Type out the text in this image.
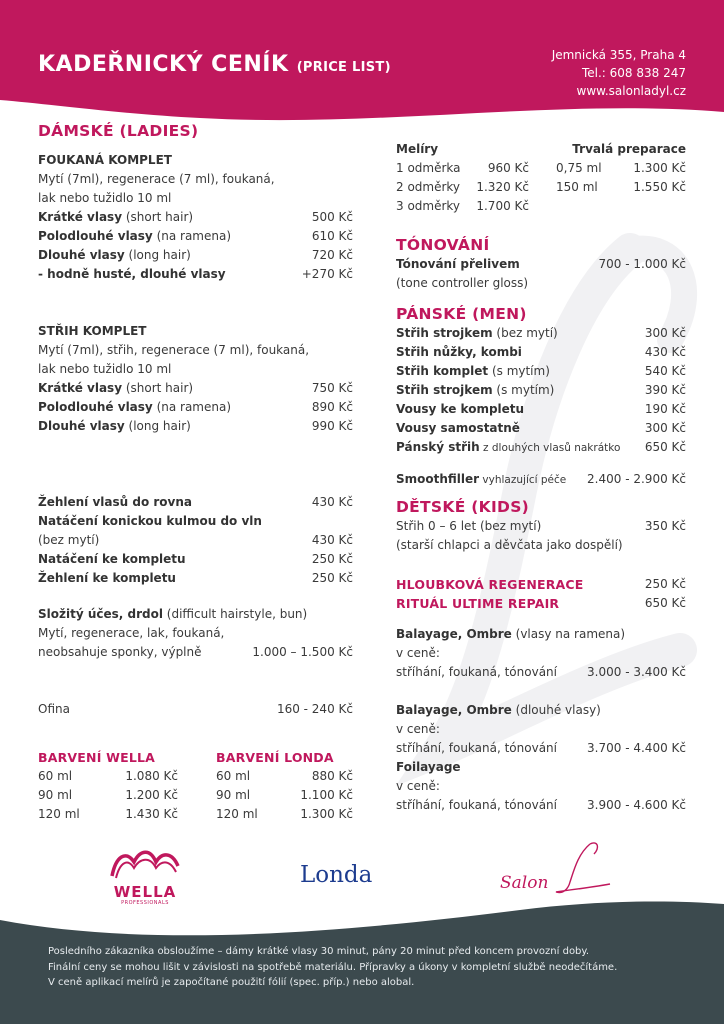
KADEŘNICKÝ CENÍK (PRICE LIST)
Jemnická 355, Praha 4
Tel.: 608 838 247
www.salonladyl.cz
DÁMSKÉ (LADIES)
FOUKANÁ KOMPLET
Mytí (7ml), regenerace (7 ml), foukaná,
lak nebo tužidlo 10 ml
Krátké vlasy (short hair)	500 Kč
Polodlouhé vlasy (na ramena)	610 Kč
Dlouhé vlasy (long hair)	720 Kč
- hodně husté, dlouhé vlasy	+270 Kč
STŘIH KOMPLET
Mytí (7ml), střih, regenerace (7 ml), foukaná,
lak nebo tužidlo 10 ml
Krátké vlasy (short hair)	750 Kč
Polodlouhé vlasy (na ramena)	890 Kč
Dlouhé vlasy (long hair)	990 Kč
Žehlení vlasů do rovna	430 Kč
Natáčení konickou kulmou do vln
(bez mytí)	430 Kč
Natáčení ke kompletu	250 Kč
Žehlení ke kompletu	250 Kč
Složitý účes, drdol (difficult hairstyle, bun)
Mytí, regenerace, lak, foukaná,
neobsahuje sponky, výplně	1.000 – 1.500 Kč
Ofina	160 - 240 Kč
BARVENÍ WELLA
60 ml	1.080 Kč
90 ml	1.200 Kč
120 ml	1.430 Kč
BARVENÍ LONDA
60 ml	880 Kč
90 ml	1.100 Kč
120 ml	1.300 Kč
Melíry	Trvalá preparace
1 odměrka	960 Kč 0,75 ml	1.300 Kč
2 odměrky	1.320 Kč 150 ml	1.550 Kč
3 odměrky	1.700 Kč
TÓNOVÁNÍ
Tónování přelivem	700 - 1.000 Kč
(tone controller gloss)
PÁNSKÉ (MEN)
Střih strojkem (bez mytí)	300 Kč
Střih nůžky, kombi	430 Kč
Střih komplet (s mytím)	540 Kč
Střih strojkem (s mytím)	390 Kč
Vousy ke kompletu	190 Kč
Vousy samostatně	300 Kč
Pánský střih z dlouhých vlasů nakrátko 650 Kč
Smoothfiller vyhlazující péče 2.400 - 2.900 Kč
DĚTSKÉ (KIDS)
Střih 0 – 6 let (bez mytí)	350 Kč
(starší chlapci a děvčata jako dospělí)
HLOUBKOVÁ REGENERACE	250 Kč
RITUÁL ULTIME REPAIR	650 Kč
Balayage, Ombre (vlasy na ramena)
v ceně:
stříhání, foukaná, tónování	3.000 - 3.400 Kč
Balayage, Ombre (dlouhé vlasy)
v ceně:
stříhání, foukaná, tónování	3.700 - 4.400 Kč
Foilayage
v ceně:
stříhání, foukaná, tónování	3.900 - 4.600 Kč
WELLA
PROFESSIONALS
Londa	Salon
Posledního zákazníka obsloužíme – dámy krátké vlasy 30 minut, pány 20 minut před koncem provozní doby.
Finální ceny se mohou lišit v závislosti na spotřebě materiálu. Přípravky a úkony v kompletní službě neodečítáme.
V ceně aplikací melírů je započítané použití fólií (spec. příp.) nebo alobal.
